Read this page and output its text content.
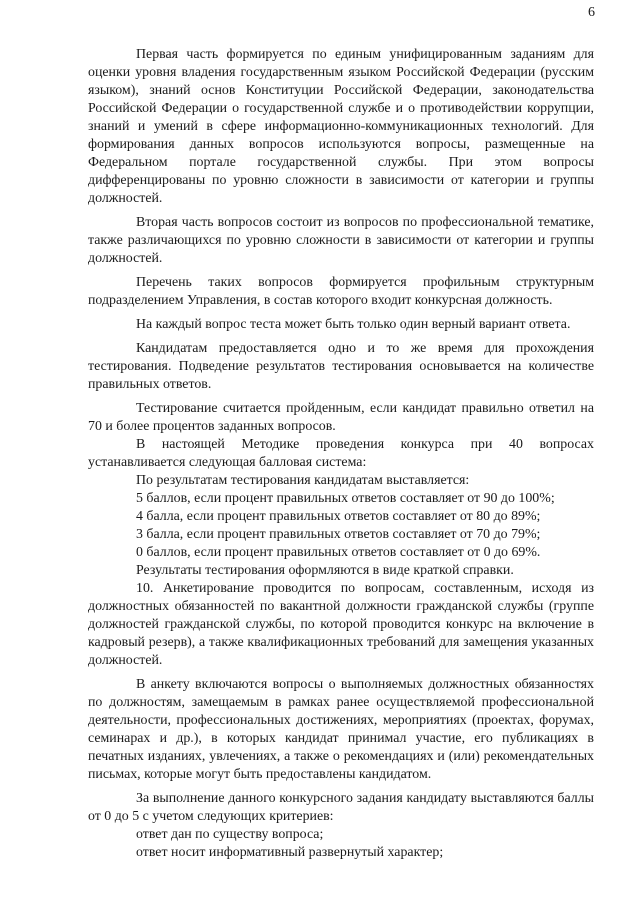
6

Первая часть формируется по единым унифицированным заданиям для оценки уровня владения государственным языком Российской Федерации (русским языком), знаний основ Конституции Российской Федерации, законодательства Российской Федерации о государственной службе и о противодействии коррупции, знаний и умений в сфере информационно-коммуникационных технологий. Для формирования данных вопросов используются вопросы, размещенные на Федеральном портале государственной службы. При этом вопросы дифференцированы по уровню сложности в зависимости от категории и группы должностей.

Вторая часть вопросов состоит из вопросов по профессиональной тематике, также различающихся по уровню сложности в зависимости от категории и группы должностей.

Перечень таких вопросов формируется профильным структурным подразделением Управления, в состав которого входит конкурсная должность.

На каждый вопрос теста может быть только один верный вариант ответа.

Кандидатам предоставляется одно и то же время для прохождения тестирования. Подведение результатов тестирования основывается на количестве правильных ответов.

Тестирование считается пройденным, если кандидат правильно ответил на 70 и более процентов заданных вопросов.

В настоящей Методике проведения конкурса при 40 вопросах устанавливается следующая балловая система:

По результатам тестирования кандидатам выставляется:

5 баллов, если процент правильных ответов составляет от 90 до 100%;

4 балла, если процент правильных ответов составляет от 80 до 89%;

3 балла, если процент правильных ответов составляет от 70 до 79%;

0 баллов, если процент правильных ответов составляет от 0 до 69%.

Результаты тестирования оформляются в виде краткой справки.

10. Анкетирование проводится по вопросам, составленным, исходя из должностных обязанностей по вакантной должности гражданской службы (группе должностей гражданской службы, по которой проводится конкурс на включение в кадровый резерв), а также квалификационных требований для замещения указанных должностей.

В анкету включаются вопросы о выполняемых должностных обязанностях по должностям, замещаемым в рамках ранее осуществляемой профессиональной деятельности, профессиональных достижениях, мероприятиях (проектах, форумах, семинарах и др.), в которых кандидат принимал участие, его публикациях в печатных изданиях, увлечениях, а также о рекомендациях и (или) рекомендательных письмах, которые могут быть предоставлены кандидатом.

За выполнение данного конкурсного задания кандидату выставляются баллы от 0 до 5 с учетом следующих критериев:

ответ дан по существу вопроса;

ответ носит информативный развернутый характер;
